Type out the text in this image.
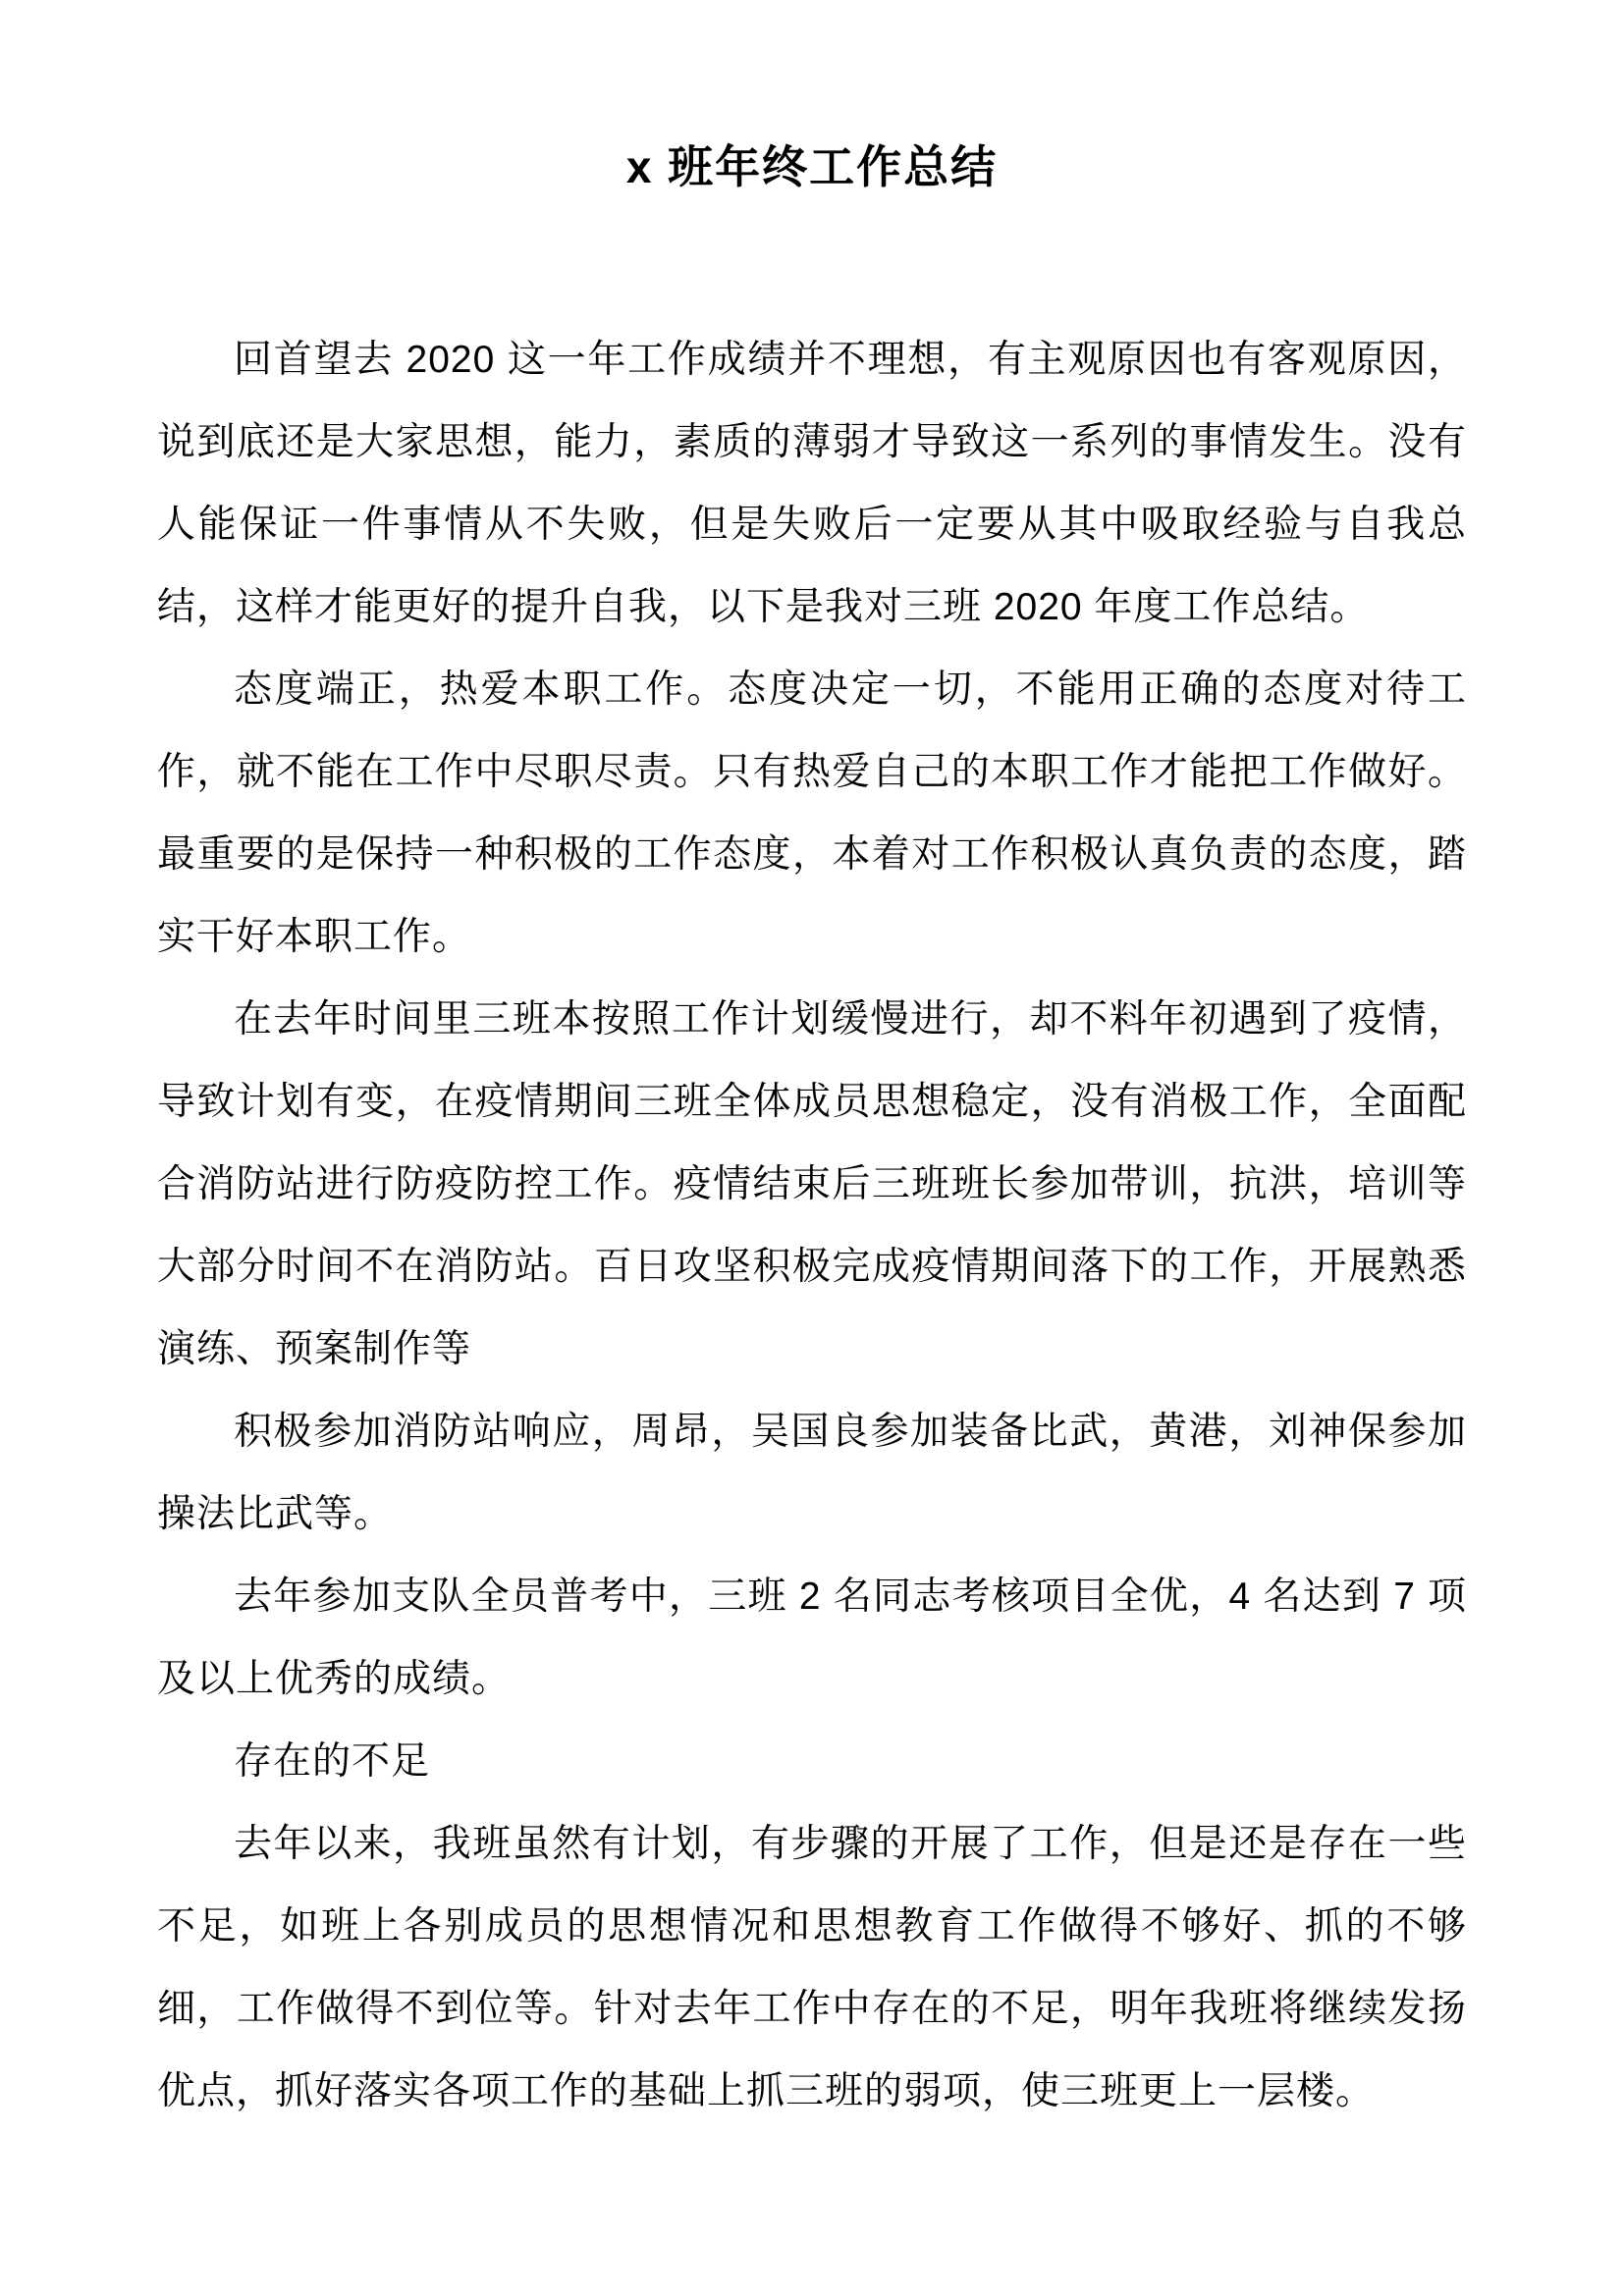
x 班年终工作总结

回首望去 2020 这一年工作成绩并不理想，有主观原因也有客观原因，说到底还是大家思想，能力，素质的薄弱才导致这一系列的事情发生。没有人能保证一件事情从不失败，但是失败后一定要从其中吸取经验与自我总结，这样才能更好的提升自我，以下是我对三班 2020 年度工作总结。

态度端正，热爱本职工作。态度决定一切，不能用正确的态度对待工作，就不能在工作中尽职尽责。只有热爱自己的本职工作才能把工作做好。最重要的是保持一种积极的工作态度，本着对工作积极认真负责的态度，踏实干好本职工作。

在去年时间里三班本按照工作计划缓慢进行，却不料年初遇到了疫情，导致计划有变，在疫情期间三班全体成员思想稳定，没有消极工作，全面配合消防站进行防疫防控工作。疫情结束后三班班长参加带训，抗洪，培训等大部分时间不在消防站。百日攻坚积极完成疫情期间落下的工作，开展熟悉演练、预案制作等

积极参加消防站响应，周昂，吴国良参加装备比武，黄港，刘神保参加操法比武等。

去年参加支队全员普考中，三班 2 名同志考核项目全优，4 名达到 7 项及以上优秀的成绩。

存在的不足

去年以来，我班虽然有计划，有步骤的开展了工作，但是还是存在一些不足，如班上各别成员的思想情况和思想教育工作做得不够好、抓的不够细，工作做得不到位等。针对去年工作中存在的不足，明年我班将继续发扬优点，抓好落实各项工作的基础上抓三班的弱项，使三班更上一层楼。
